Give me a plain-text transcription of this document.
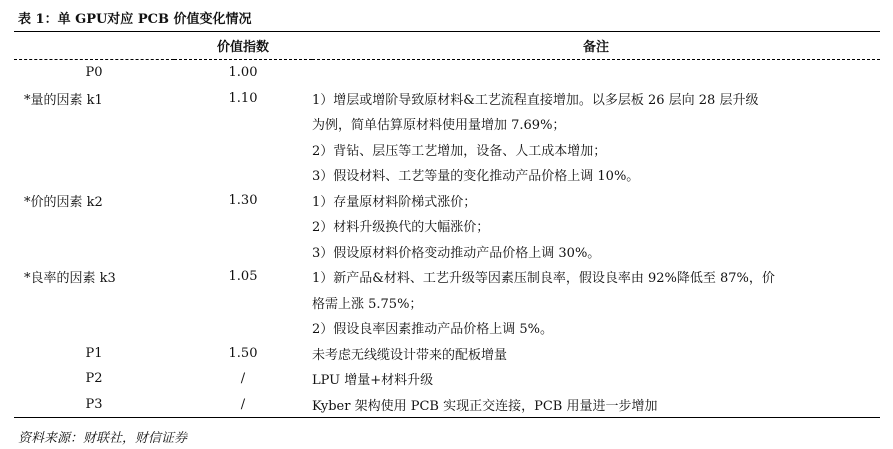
表 1：单 GPU对应 PCB 价值变化情况
	价值指数	备注
P0	1.00	
*量的因素 k1	1.10	1）增层或增阶导致原材料&工艺流程直接增加。以多层板 26 层向 28 层升级
		为例，简单估算原材料使用量增加 7.69%；
		2）背钻、层压等工艺增加，设备、人工成本增加；
		3）假设材料、工艺等量的变化推动产品价格上调 10%。
*价的因素 k2	1.30	1）存量原材料阶梯式涨价；
		2）材料升级换代的大幅涨价；
		3）假设原材料价格变动推动产品价格上调 30%。
*良率的因素 k3	1.05	1）新产品&材料、工艺升级等因素压制良率，假设良率由 92%降低至 87%，价
		格需上涨 5.75%；
		2）假设良率因素推动产品价格上调 5%。
P1	1.50	未考虑无线缆设计带来的配板增量
P2	/	LPU 增量+材料升级
P3	/	Kyber 架构使用 PCB 实现正交连接，PCB 用量进一步增加
资料来源：财联社，财信证券
